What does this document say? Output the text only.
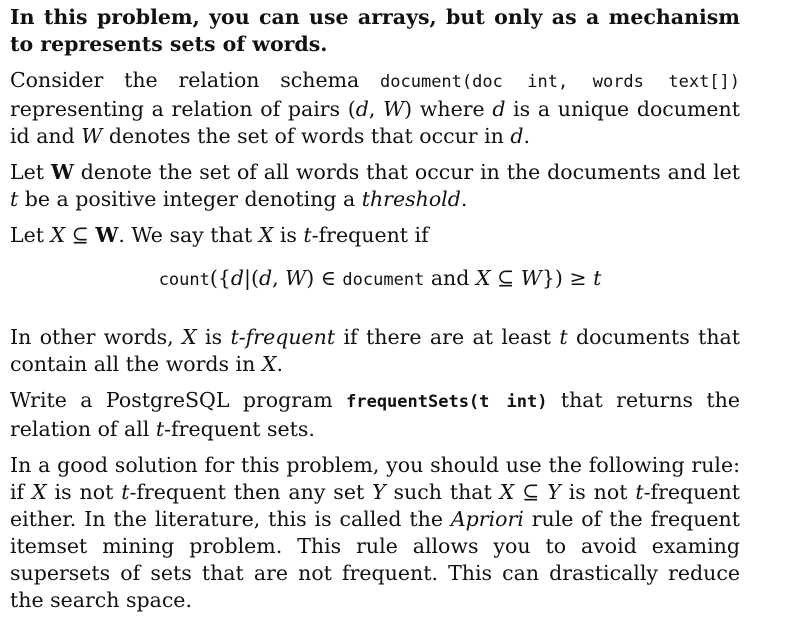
In this problem, you can use arrays, but only as a mechanism to represents sets of words.

Consider the relation schema document(doc int, words text[]) representing a relation of pairs (d, W) where d is a unique document id and W denotes the set of words that occur in d.

Let W denote the set of all words that occur in the documents and let t be a positive integer denoting a threshold.

Let X ⊆ W. We say that X is t-frequent if

count({d|(d, W) ∈ document and X ⊆ W}) ≥ t

In other words, X is t-frequent if there are at least t documents that contain all the words in X.

Write a PostgreSQL program frequentSets(t int) that returns the relation of all t-frequent sets.

In a good solution for this problem, you should use the following rule: if X is not t-frequent then any set Y such that X ⊆ Y is not t-frequent either. In the literature, this is called the Apriori rule of the frequent itemset mining problem. This rule allows you to avoid examing supersets of sets that are not frequent. This can drastically reduce the search space.
